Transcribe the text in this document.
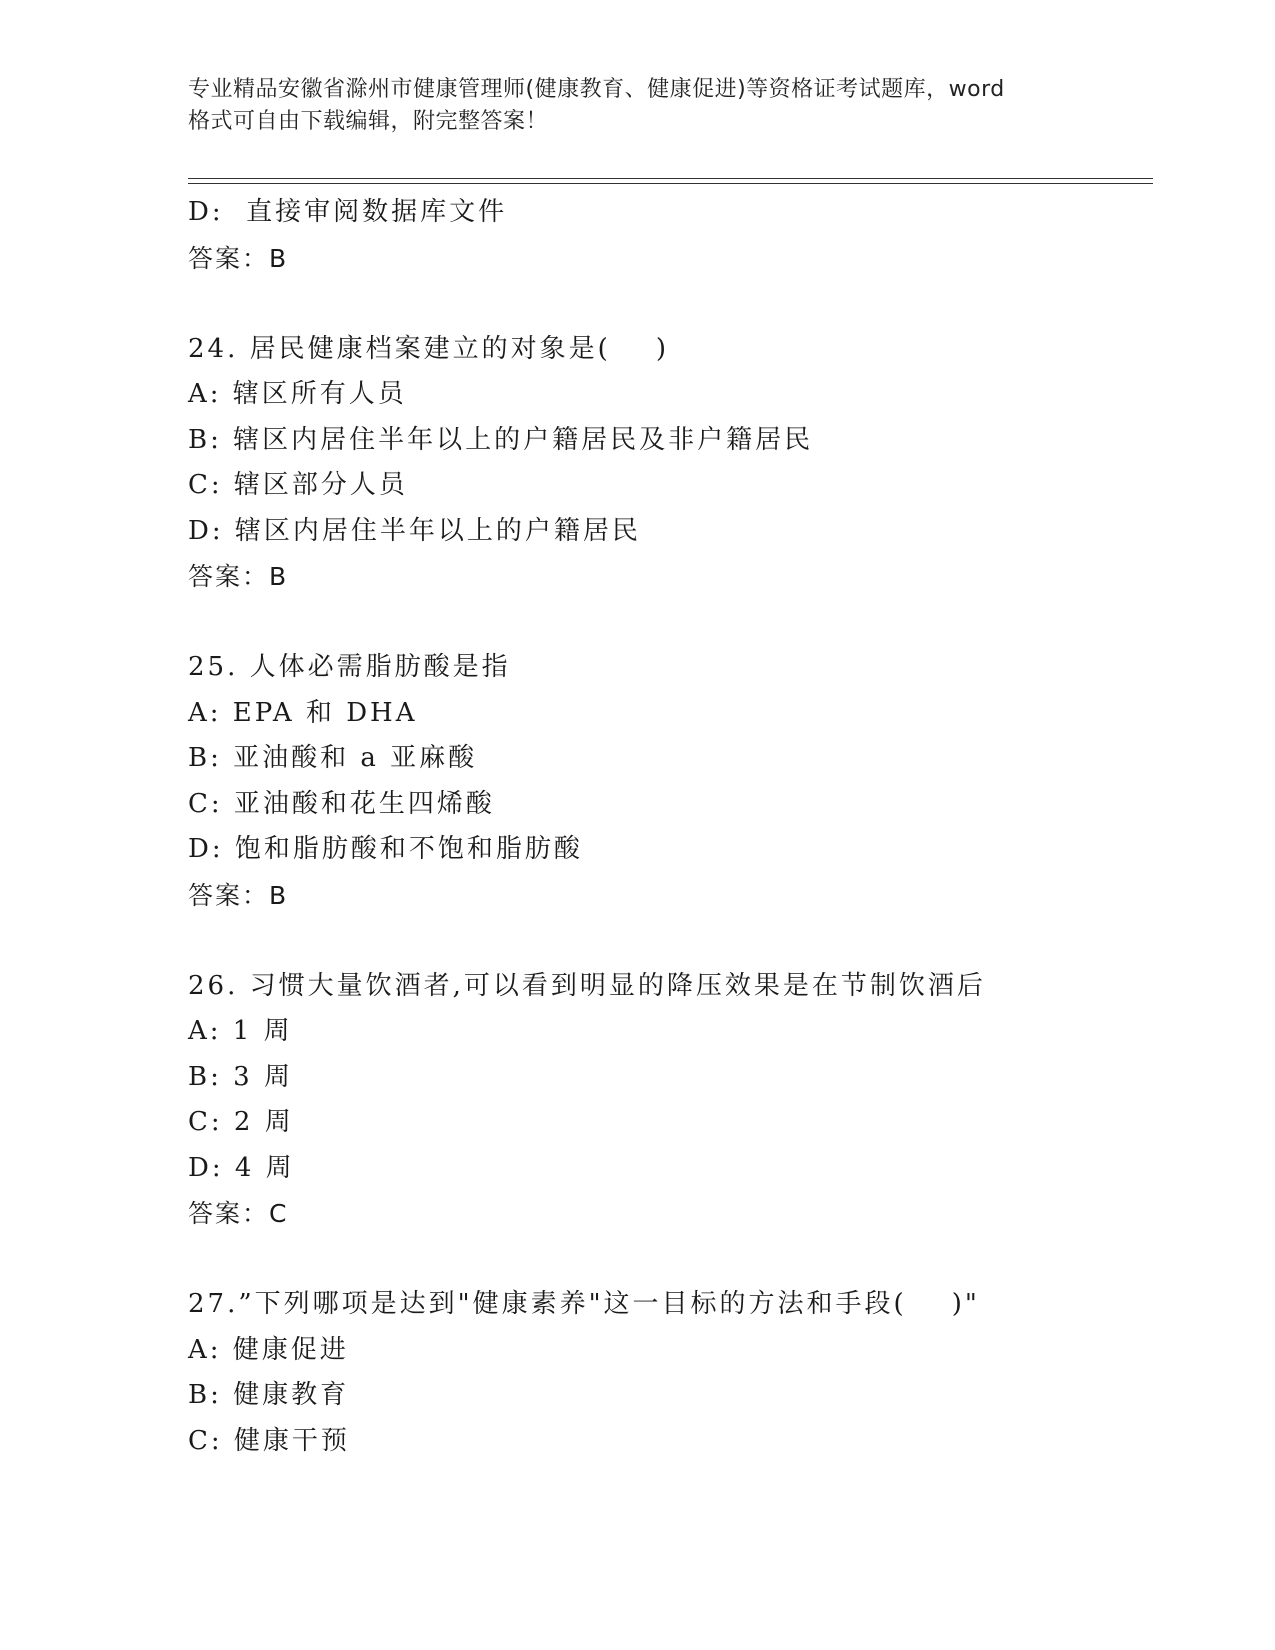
专业精品安徽省滁州市健康管理师(健康教育、健康促进)等资格证考试题库，word
格式可自由下载编辑，附完整答案！
D:  直接审阅数据库文件
答案：B
24. 居民健康档案建立的对象是(    )
A: 辖区所有人员
B: 辖区内居住半年以上的户籍居民及非户籍居民
C: 辖区部分人员
D: 辖区内居住半年以上的户籍居民
答案：B
25. 人体必需脂肪酸是指
A: EPA 和 DHA
B: 亚油酸和 a 亚麻酸
C: 亚油酸和花生四烯酸
D: 饱和脂肪酸和不饱和脂肪酸
答案：B
26. 习惯大量饮酒者,可以看到明显的降压效果是在节制饮酒后
A: 1 周
B: 3 周
C: 2 周
D: 4 周
答案：C
27.”下列哪项是达到"健康素养"这一目标的方法和手段(    )"
A: 健康促进
B: 健康教育
C: 健康干预
